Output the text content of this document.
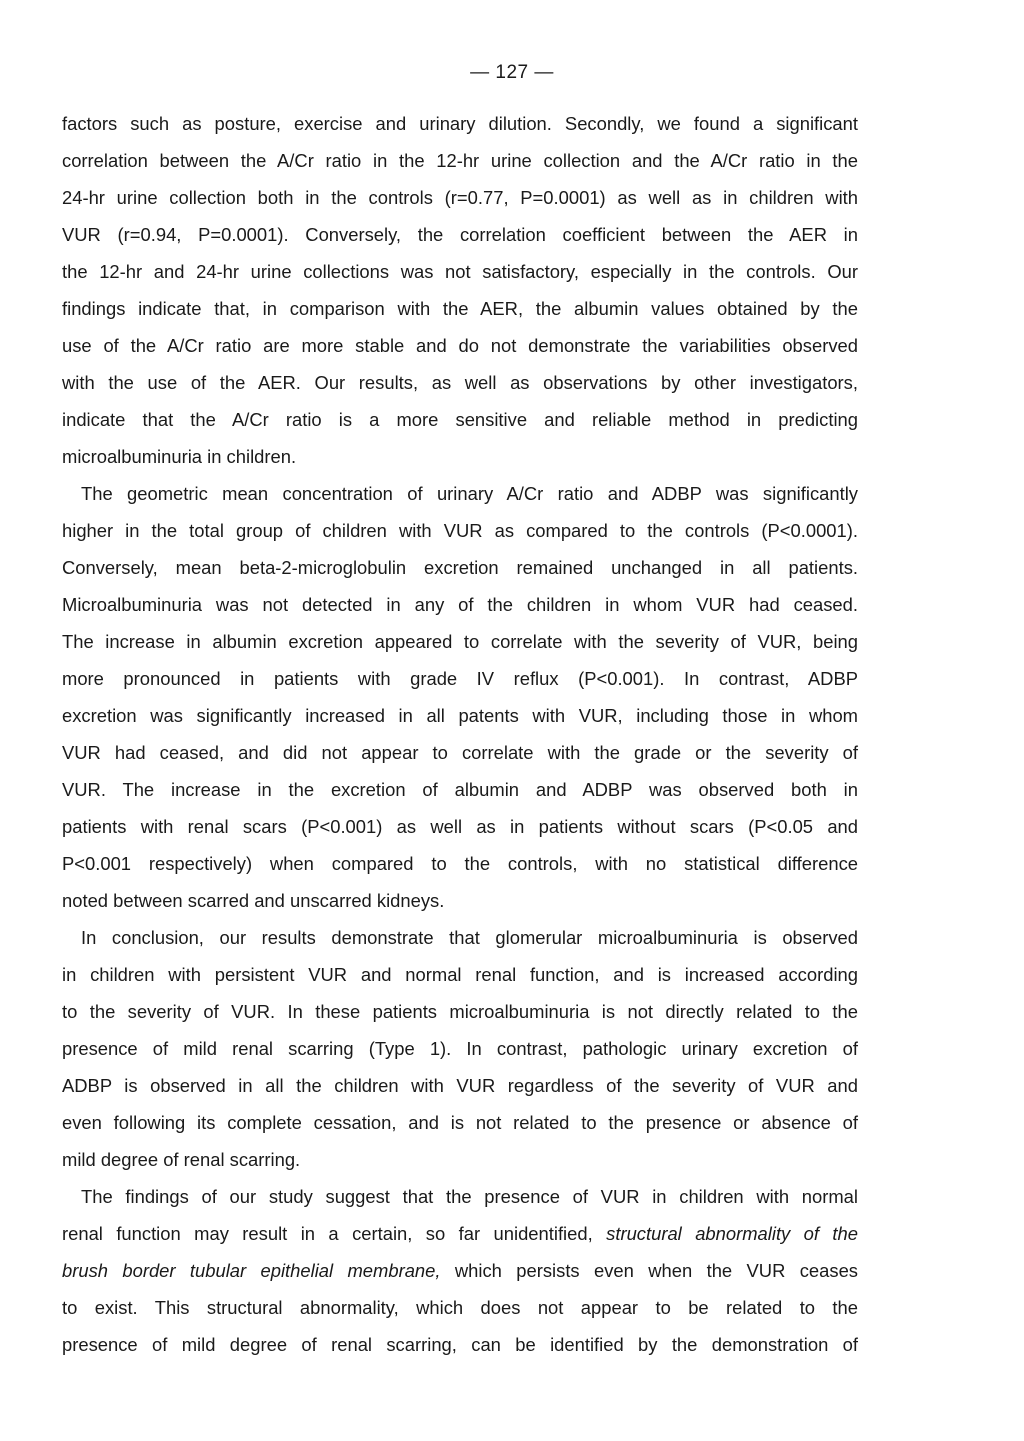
— 127 —

factors such as posture, exercise and urinary dilution. Secondly, we found a significant
correlation between the A/Cr ratio in the 12-hr urine collection and the A/Cr ratio in the
24-hr urine collection both in the controls (r=0.77, P=0.0001) as well as in children with
VUR (r=0.94, P=0.0001). Conversely, the correlation coefficient between the AER in
the 12-hr and 24-hr urine collections was not satisfactory, especially in the controls. Our
findings indicate that, in comparison with the AER, the albumin values obtained by the
use of the A/Cr ratio are more stable and do not demonstrate the variabilities observed
with the use of the AER. Our results, as well as observations by other investigators,
indicate that the A/Cr ratio is a more sensitive and reliable method in predicting
microalbuminuria in children.

The geometric mean concentration of urinary A/Cr ratio and ADBP was significantly
higher in the total group of children with VUR as compared to the controls (P<0.0001).
Conversely, mean beta-2-microglobulin excretion remained unchanged in all patients.
Microalbuminuria was not detected in any of the children in whom VUR had ceased.
The increase in albumin excretion appeared to correlate with the severity of VUR, being
more pronounced in patients with grade IV reflux (P<0.001). In contrast, ADBP
excretion was significantly increased in all patents with VUR, including those in whom
VUR had ceased, and did not appear to correlate with the grade or the severity of
VUR. The increase in the excretion of albumin and ADBP was observed both in
patients with renal scars (P<0.001) as well as in patients without scars (P<0.05 and
P<0.001 respectively) when compared to the controls, with no statistical difference
noted between scarred and unscarred kidneys.

In conclusion, our results demonstrate that glomerular microalbuminuria is observed
in children with persistent VUR and normal renal function, and is increased according
to the severity of VUR. In these patients microalbuminuria is not directly related to the
presence of mild renal scarring (Type 1). In contrast, pathologic urinary excretion of
ADBP is observed in all the children with VUR regardless of the severity of VUR and
even following its complete cessation, and is not related to the presence or absence of
mild degree of renal scarring.

The findings of our study suggest that the presence of VUR in children with normal
renal function may result in a certain, so far unidentified, structural abnormality of the
brush border tubular epithelial membrane, which persists even when the VUR ceases
to exist. This structural abnormality, which does not appear to be related to the
presence of mild degree of renal scarring, can be identified by the demonstration of
